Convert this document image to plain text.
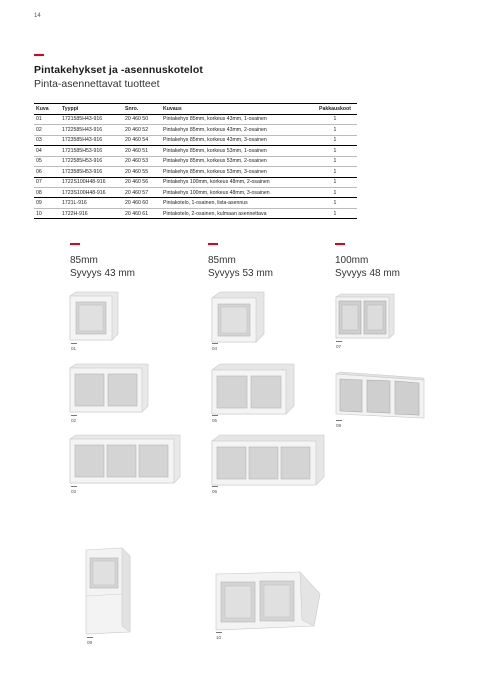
14
Pintakehykset ja -asennuskotelot
Pinta-asennettavat tuotteet
Kuva	Tyyppi	Snro.	Kuvaus	Pakkauskoot
01	1721585H43-916	20 460 50	Pintakehys 85mm, korkeus 43mm, 1-osainen	1
02	1722585H43-916	20 460 52	Pintakehys 85mm, korkeus 43mm, 2-osainen	1
03	1723585H43-916	20 460 54	Pintakehys 85mm, korkeus 43mm, 3-osainen	1
04	1721585H53-916	20 460 51	Pintakehys 85mm, korkeus 53mm, 1-osainen	1
05	1722585H53-916	20 460 53	Pintakehys 85mm, korkeus 53mm, 2-osainen	1
06	1723585H53-916	20 460 55	Pintakehys 85mm, korkeus 53mm, 3-osainen	1
07	1722S100H48-916	20 460 56	Pintakehys 100mm, korkeus 48mm, 2-osainen	1
08	1723S100H48-916	20 460 57	Pintakehys 100mm, korkeus 48mm, 3-osainen	1
09	1721L-916	20 460 60	Pintakotelo, 1-osainen, lista-asennus	1
10	1722H-916	20 460 61	Pintakotelo, 2-osainen, kulmaan asennettava	1
85mm
Syvyys 43 mm
85mm
Syvyys 53 mm
100mm
Syvyys 48 mm
01
02
03
04
05
06
07
08
09
10
